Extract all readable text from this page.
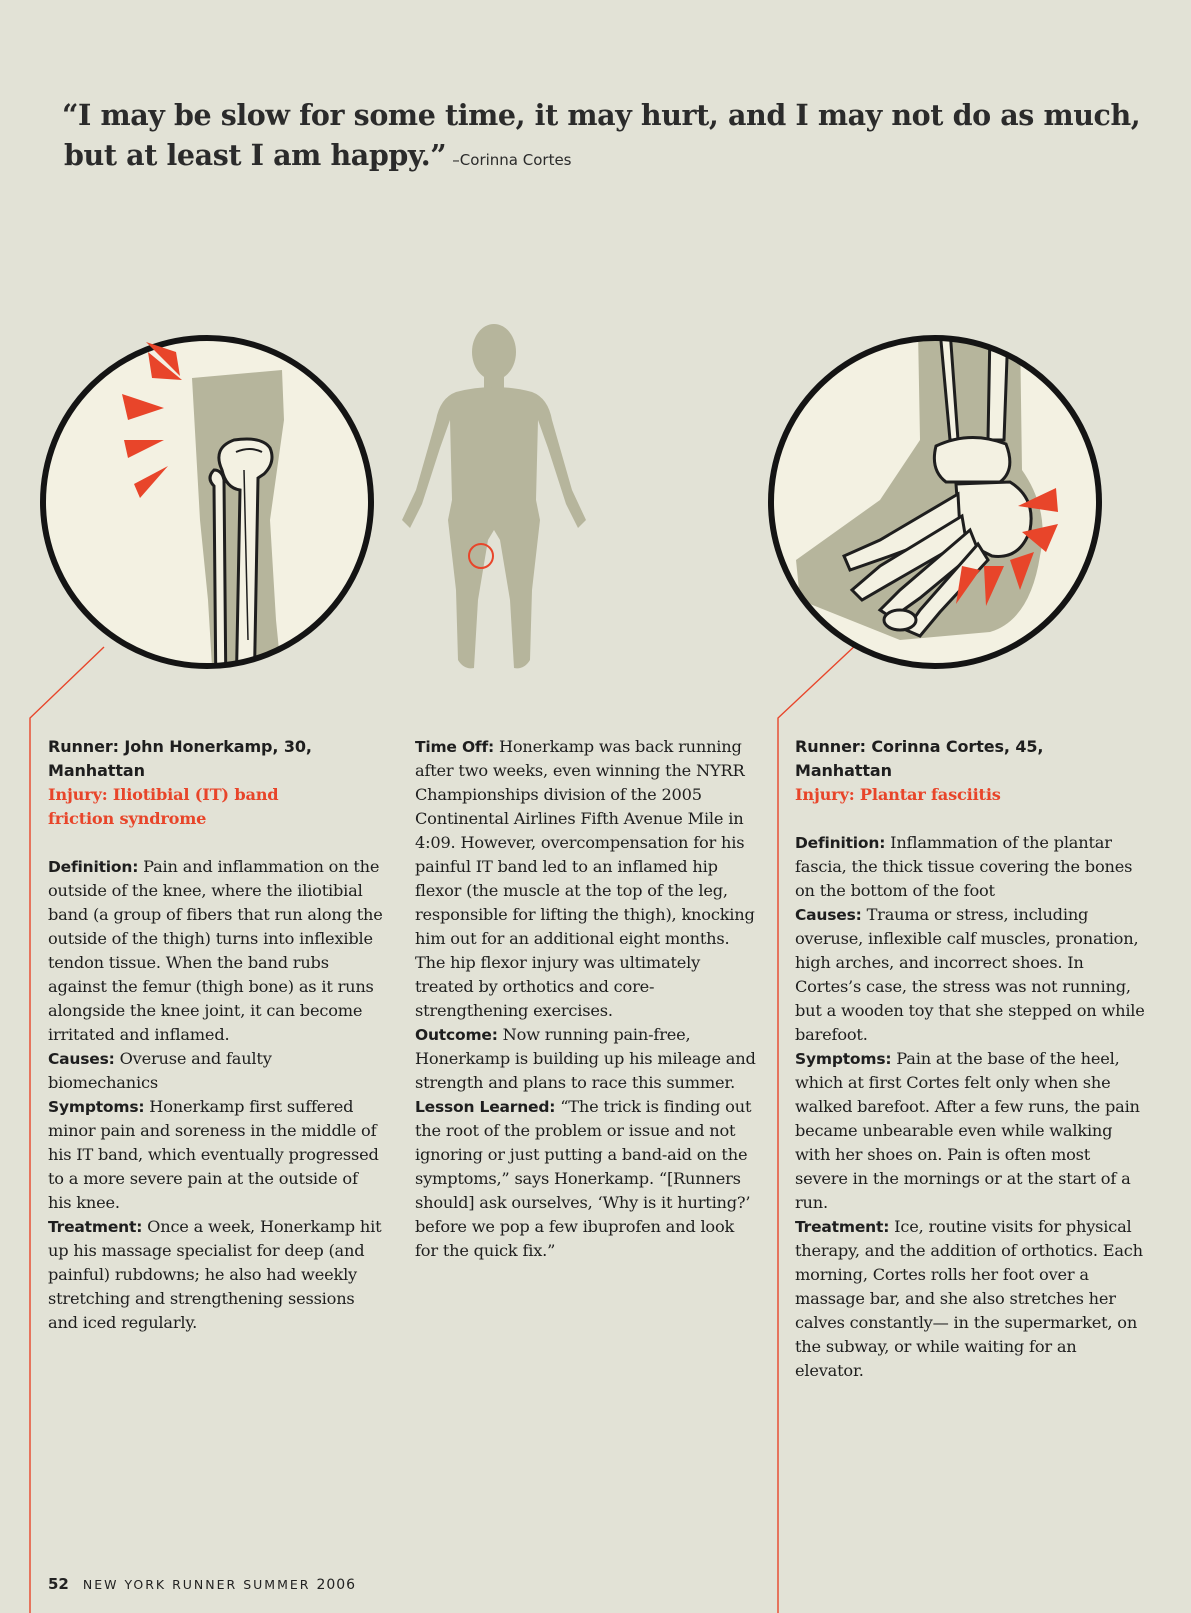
“I may be slow for some time, it may hurt, and I may not do as much,
but at least I am happy.” –Corinna Cortes

Runner: John Honerkamp, 30,
Manhattan

Injury: Iliotibial (IT) band
friction syndrome

Definition: Pain and inflammation on the outside of the knee, where the iliotibial band (a group of fibers that run along the outside of the thigh) turns into inflexible tendon tissue. When the band rubs against the femur (thigh bone) as it runs alongside the knee joint, it can become irritated and inflamed.

Causes: Overuse and faulty biomechanics

Symptoms: Honerkamp first suffered minor pain and soreness in the middle of his IT band, which eventually progressed to a more severe pain at the outside of his knee.

Treatment: Once a week, Honerkamp hit up his massage specialist for deep (and painful) rubdowns; he also had weekly stretching and strengthening sessions and iced regularly.

Time Off: Honerkamp was back running after two weeks, even winning the NYRR Championships division of the 2005 Continental Airlines Fifth Avenue Mile in 4:09. However, overcompensation for his painful IT band led to an inflamed hip flexor (the muscle at the top of the leg, responsible for lifting the thigh), knocking him out for an additional eight months. The hip flexor injury was ultimately treated by orthotics and core-strengthening exercises.

Outcome: Now running pain-free, Honerkamp is building up his mileage and strength and plans to race this summer.

Lesson Learned: “The trick is finding out the root of the problem or issue and not ignoring or just putting a band-aid on the symptoms,” says Honerkamp. “[Runners should] ask ourselves, ‘Why is it hurting?’ before we pop a few ibuprofen and look for the quick fix.”

Runner: Corinna Cortes, 45,
Manhattan

Injury: Plantar fasciitis

Definition: Inflammation of the plantar fascia, the thick tissue covering the bones on the bottom of the foot

Causes: Trauma or stress, including overuse, inflexible calf muscles, pronation, high arches, and incorrect shoes. In Cortes’s case, the stress was not running, but a wooden toy that she stepped on while barefoot.

Symptoms: Pain at the base of the heel, which at first Cortes felt only when she walked barefoot. After a few runs, the pain became unbearable even while walking with her shoes on. Pain is often most severe in the mornings or at the start of a run.

Treatment: Ice, routine visits for physical therapy, and the addition of orthotics. Each morning, Cortes rolls her foot over a massage bar, and she also stretches her calves constantly— in the supermarket, on the subway, or while waiting for an elevator.

52 NEW YORK RUNNER SUMMER 2006
